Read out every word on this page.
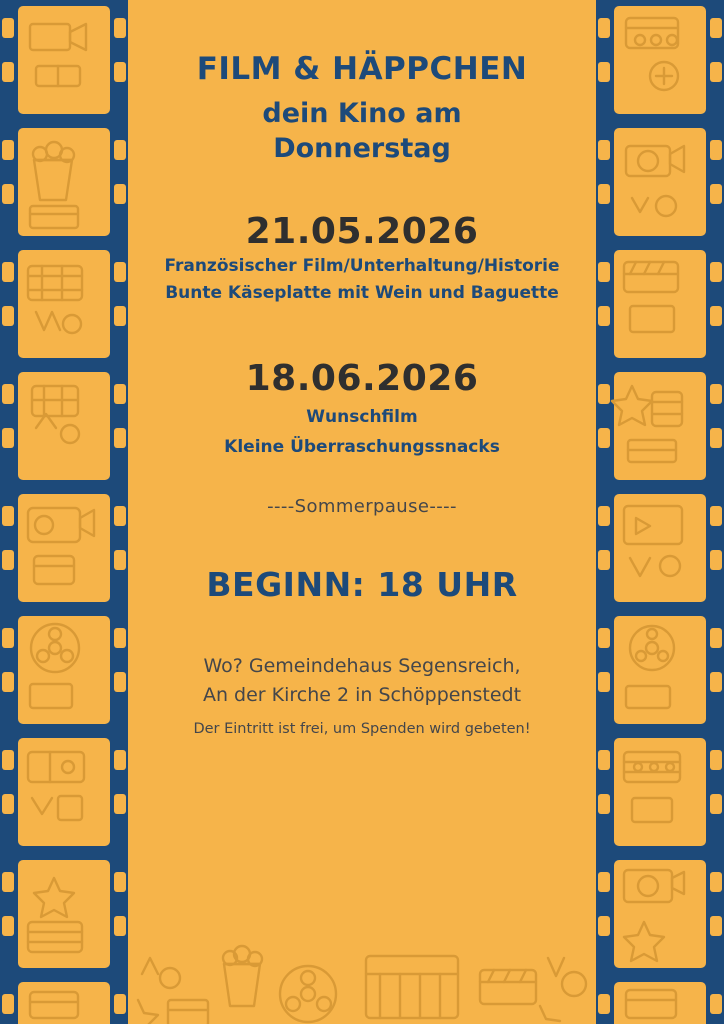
FILM & HÄPPCHEN
dein Kino am
Donnerstag
21.05.2026
Französischer Film/Unterhaltung/Historie
Bunte Käseplatte mit Wein und Baguette
18.06.2026
Wunschfilm
Kleine Überraschungssnacks
----Sommerpause----
BEGINN: 18 UHR
Wo? Gemeindehaus Segensreich,
An der Kirche 2 in Schöppenstedt
Der Eintritt ist frei, um Spenden wird gebeten!
